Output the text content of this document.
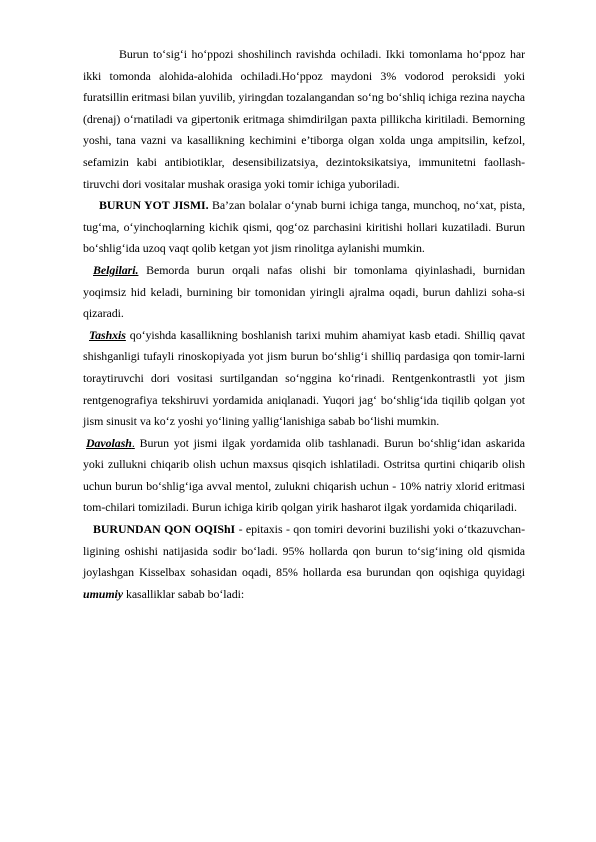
Burun to‘sig‘i ho‘ppozi shoshilinch ravishda ochiladi. Ikki tomonlama ho‘ppoz har ikki tomonda alohida-alohida ochiladi.Ho‘ppoz maydoni 3% vodorod peroksidi yoki furatsillin eritmasi bilan yuvilib, yiringdan tozalangandan so‘ng bo‘shliq ichiga rezina naycha (drenaj) o‘rnatiladi va gipertonik eritmaga shimdirilgan paxta pillikcha kiritiladi. Bemorning yoshi, tana vazni va kasallikning kechimini e’tiborga olgan xolda unga ampitsilin, kefzol, sefamizin kabi antibiotiklar, desensibilizatsiya, dezintoksikatsiya, immunitetni faollash-tiruvchi dori vositalar mushak orasiga yoki tomir ichiga yuboriladi.

BURUN YOT JISMI. Ba’zan bolalar o‘ynab burni ichiga tanga, munchoq, no‘xat, pista, tug‘ma, o‘yinchoqlarning kichik qismi, qog‘oz parchasini kiritishi hollari kuzatiladi. Burun bo‘shlig‘ida uzoq vaqt qolib ketgan yot jism rinolitga aylanishi mumkin.

Belgilari. Bemorda burun orqali nafas olishi bir tomonlama qiyinlashadi, burnidan yoqimsiz hid keladi, burnining bir tomonidan yiringli ajralma oqadi, burun dahlizi soha-si qizaradi.

Tashxis qo‘yishda kasallikning boshlanish tarixi muhim ahamiyat kasb etadi. Shilliq qavat shishganligi tufayli rinoskopiyada yot jism burun bo‘shlig‘i shilliq pardasiga qon tomir-larni toraytiruvchi dori vositasi surtilgandan so‘nggina ko‘rinadi. Rentgenkontrastli yot jism rentgenografiya tekshiruvi yordamida aniqlanadi. Yuqori jag‘ bo‘shlig‘ida tiqilib qolgan yot jism sinusit va ko‘z yoshi yo‘lining yallig‘lanishiga sabab bo‘lishi mumkin.

Davolash. Burun yot jismi ilgak yordamida olib tashlanadi. Burun bo‘shlig‘idan askarida yoki zullukni chiqarib olish uchun maxsus qisqich ishlatiladi. Ostritsa qurtini chiqarib olish uchun burun bo‘shlig‘iga avval mentol, zulukni chiqarish uchun - 10% natriy xlorid eritmasi tom-chilari tomiziladi. Burun ichiga kirib qolgan yirik hasharot ilgak yordamida chiqariladi.

BURUNDAN QON OQIShI - epitaxis - qon tomiri devorini buzilishi yoki o‘tkazuvchan-ligining oshishi natijasida sodir bo‘ladi. 95% hollarda qon burun to‘sig‘ining old qismida joylashgan Kisselbax sohasidan oqadi, 85% hollarda esa burundan qon oqishiga quyidagi umumiy kasalliklar sabab bo‘ladi:
